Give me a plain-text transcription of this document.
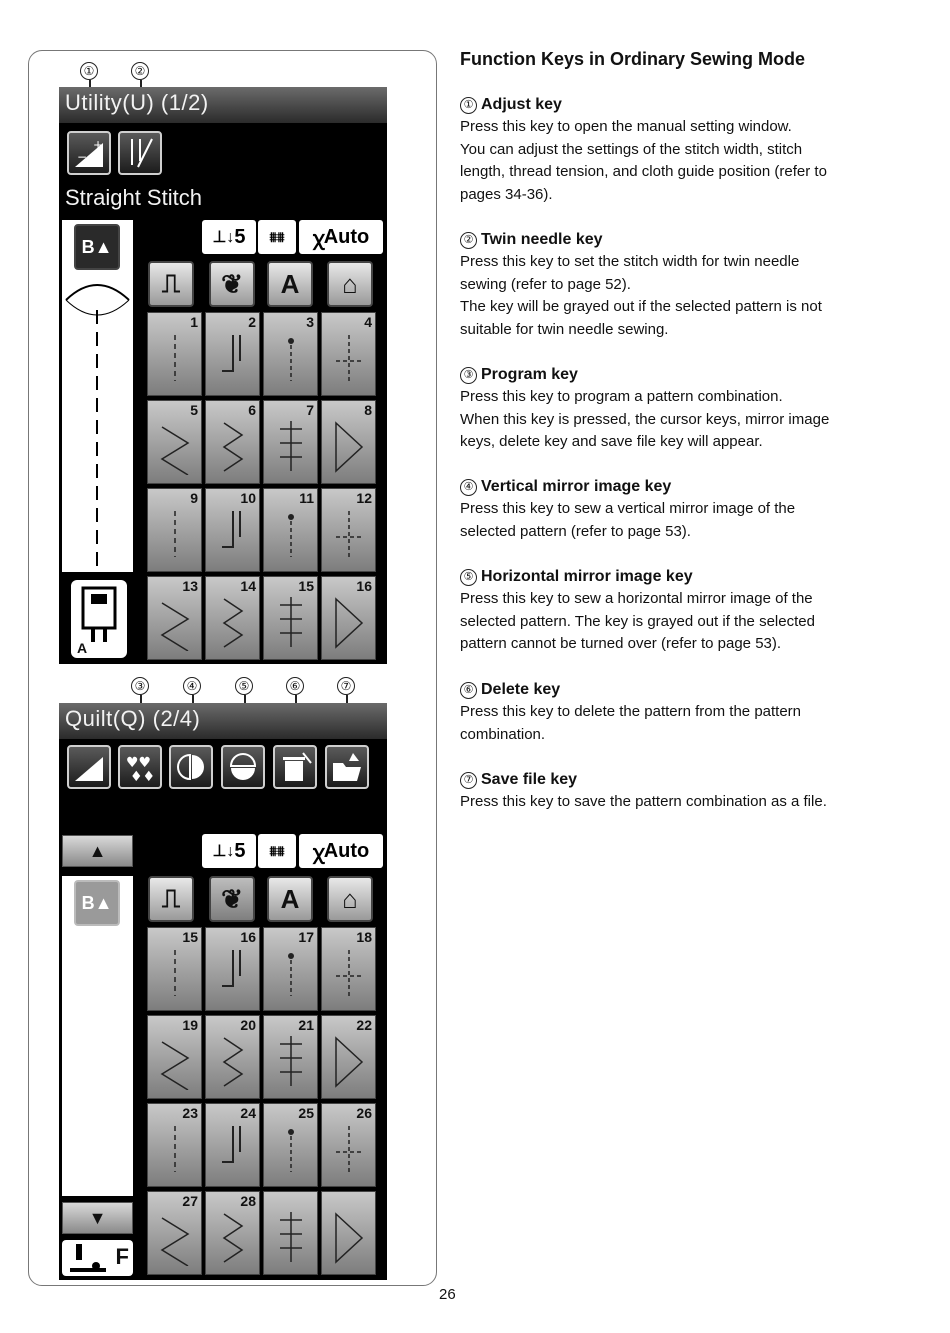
①	②
Utility(U) (1/2)
+
−
Straight Stitch
B▲
A
⊥↓ 5	⩩⩩	ꭓ Auto
⎍	❦	A	⌂
1	2	3	4
5	6	7	8
9	10	11	12
13	14	15	16
③	④	⑤	⑥	⑦
Quilt(Q) (2/4)
♥♥
♦♦
▲
B▲
▼
F
⊥↓ 5	⩩⩩	ꭓ Auto
⎍	❦	A	⌂
15	16	17	18
19	20	21	22
23	24	25	26
27	28
Function Keys in Ordinary Sewing Mode
① Adjust key

Press this key to open the manual setting window.

You can adjust the settings of the stitch width, stitch

length, thread tension, and cloth guide position (refer to

pages 34-36).

② Twin needle key

Press this key to set the stitch width for twin needle

sewing (refer to page 52).

The key will be grayed out if the selected pattern is not

suitable for twin needle sewing.

③ Program key

Press this key to program a pattern combination.

When this key is pressed, the cursor keys, mirror image

keys, delete key and save file key will appear.

④ Vertical mirror image key

Press this key to sew a vertical mirror image of the

selected pattern (refer to page 53).

⑤ Horizontal mirror image key

Press this key to sew a horizontal mirror image of the

selected pattern. The key is grayed out if the selected

pattern cannot be turned over (refer to page 53).

⑥ Delete key

Press this key to delete the pattern from the pattern

combination.

⑦ Save file key

Press this key to save the pattern combination as a file.

26
